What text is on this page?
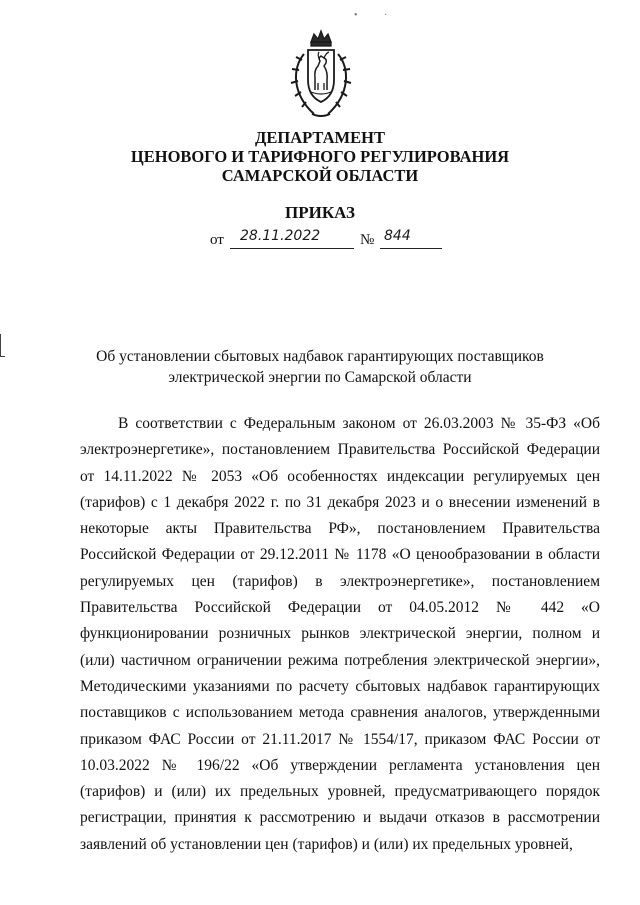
•	·
ДЕПАРТАМЕНТ
ЦЕНОВОГО И ТАРИФНОГО РЕГУЛИРОВАНИЯ
САМАРСКОЙ ОБЛАСТИ
ПРИКАЗ
от 28.11.2022	№ 844
Об установлении сбытовых надбавок гарантирующих поставщиков
электрической энергии по Самарской области

В соответствии с Федеральным законом от 26.03.2003 № 35-ФЗ «Об электроэнергетике», постановлением Правительства Российской Федерации от 14.11.2022 № 2053 «Об особенностях индексации регулируемых цен (тарифов) с 1 декабря 2022 г. по 31 декабря 2023 и о внесении изменений в некоторые акты Правительства РФ», постановлением Правительства Российской Федерации от 29.12.2011 № 1178 «О ценообразовании в области регулируемых цен (тарифов) в электроэнергетике», постановлением Правительства Российской Федерации от 04.05.2012 № 442 «О функционировании розничных рынков электрической энергии, полном и (или) частичном ограничении режима потребления электрической энергии», Методическими указаниями по расчету сбытовых надбавок гарантирующих поставщиков с использованием метода сравнения аналогов, утвержденными приказом ФАС России от 21.11.2017 № 1554/17, приказом ФАС России от 10.03.2022 № 196/22 «Об утверждении регламента установления цен (тарифов) и (или) их предельных уровней, предусматривающего порядок регистрации, принятия к рассмотрению и выдачи отказов в рассмотрении заявлений об установлении цен (тарифов) и (или) их предельных уровней,
